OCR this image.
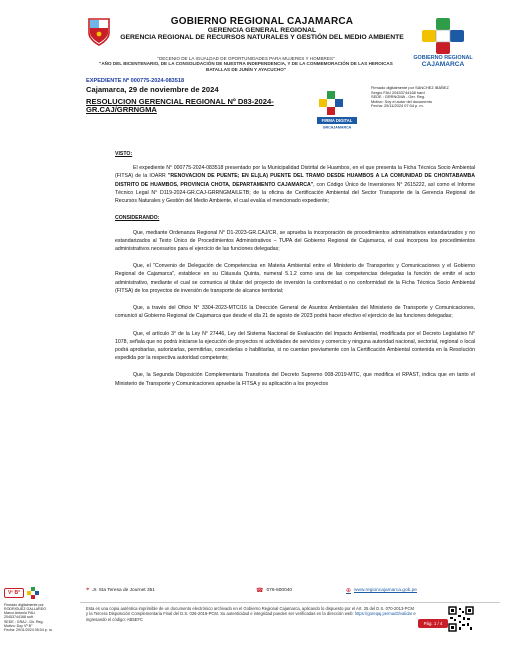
GOBIERNO REGIONAL CAJAMARCA
GERENCIA GENERAL REGIONAL
GERENCIA REGIONAL DE RECURSOS NATURALES Y GESTIÓN DEL MEDIO AMBIENTE
GOBIERNO REGIONAL
CAJAMARCA
"DECENIO DE LA IGUALDAD DE OPORTUNIDADES PARA MUJERES Y HOMBRES"
"AÑO DEL BICENTENARIO, DE LA CONSOLIDACIÓN DE NUESTRA INDEPENDENCIA, Y DE LA CONMEMORACIÓN DE LAS HEROICAS BATALLAS DE JUNÍN Y AYACUCHO"
EXPEDIENTE Nº 000775-2024-083518
Cajamarca, 29 de noviembre de 2024
RESOLUCION GERENCIAL REGIONAL Nº D83-2024-GR.CAJ/GRRNGMA
FIRMA DIGITAL
GRCAJAMARCA
Firmado digitalmente por SANCHEZ IBÁÑEZ
Sergio FAU 20453744168 hard
SEDE : GRRNGMA - Ger. Reg.
Motivo: Soy el autor del documento
Fecha: 29/11/2024 07:04 p. m.
VISTO:

El expediente N° 000775-2024-083518 presentado por la Municipalidad Distrital de Huambos, en el que presenta la Ficha Técnica Socio Ambiental (FITSA) de la IOARR "RENOVACION DE PUENTE; EN EL(LA) PUENTE DEL TRAMO DESDE HUAMBOS A LA COMUNIDAD DE CHONTABAMBA DISTRITO DE HUAMBOS, PROVINCIA CHOTA, DEPARTAMENTO CAJAMARCA", con Código Único de Inversiones N° 2615222, así como el Informe Técnico Legal N° D119-2024-GR.CAJ-GRRNGMA/LETB; de la oficina de Certificación Ambiental del Sector Transporte de la Gerencia Regional de Recursos Naturales y Gestión del Medio Ambiente, el cual evalúa el mencionado expediente;

CONSIDERANDO:

Que, mediante Ordenanza Regional N° D1-2023-GR.CAJ/CR, se aprueba la incorporación de procedimientos administrativos estandarizados y no estandarizados al Texto Único de Procedimientos Administrativos – TUPA del Gobierno Regional de Cajamarca, el cual incorpora los procedimientos administrativos necesarios para el ejercicio de las funciones delegadas;

Que, el "Convenio de Delegación de Competencias en Materia Ambiental entre el Ministerio de Transportes y Comunicaciones y el Gobierno Regional de Cajamarca", establece en su Cláusula Quinta, numeral 5.1.2 como una de las competencias delegadas la función de emitir el acto administrativo, mediante el cual se comunica al titular del proyecto de inversión la conformidad o no conformidad de la Ficha Técnica Socio Ambiental (FITSA) de los proyectos de inversión de transporte de alcance territorial;

Que, a través del Oficio N° 3304-2023-MTC/16 la Dirección General de Asuntos Ambientales del Ministerio de Transporte y Comunicaciones, comunicó al Gobierno Regional de Cajamarca que desde el día 21 de agosto de 2023 podrá hacer efectivo el ejercicio de las funciones delegadas;

Que, el artículo 3° de la Ley N° 27446, Ley del Sistema Nacional de Evaluación del Impacto Ambiental, modificada por el Decreto Legislativo N° 1078, señala que no podrá iniciarse la ejecución de proyectos ni actividades de servicios y comercio y ninguna autoridad nacional, sectorial, regional o local podrá aprobarlas, autorizarlas, permitirlas, concederlas o habilitarlas, si no cuentan previamente con la Certificación Ambiental contenida en la Resolución expedida por la respectiva autoridad competente;

Que, la Segunda Disposición Complementaria Transitoria del Decreto Supremo 008-2019-MTC, que modifica el RPAST, indica que en tanto el Ministerio de Transporte y Comunicaciones apruebe la FITSA y su aplicación a los proyectos

Vº B°
Firmado digitalmente por
RODRIGUEZ GALLARDO
Marco Antonio FAU
20453744168 soft
SEDE : GRAJ - Dir. Reg.
Motivo: Doy Vº B°
Fecha: 29/11/2024 05:04 p. m.
⌖ Jr. Sta Teresa de Journet 351	☎ 076-600040	⊕ www.regioncajamarca.gob.pe
Esta es una copia auténtica imprimible de un documento electrónico archivado en el Gobierno Regional Cajamarca, aplicando lo dispuesto por el Art. 25 del D.S. 070-2013-PCM y la Tercera Disposición Complementaria Final del D.S. 026-2016-PCM. Su autenticidad e integridad pueden ser verificadas en la dirección web: https://goreqaj.pe/mad3/validar e ingresando el código: AB5EFC
Pág. 1 / 4
